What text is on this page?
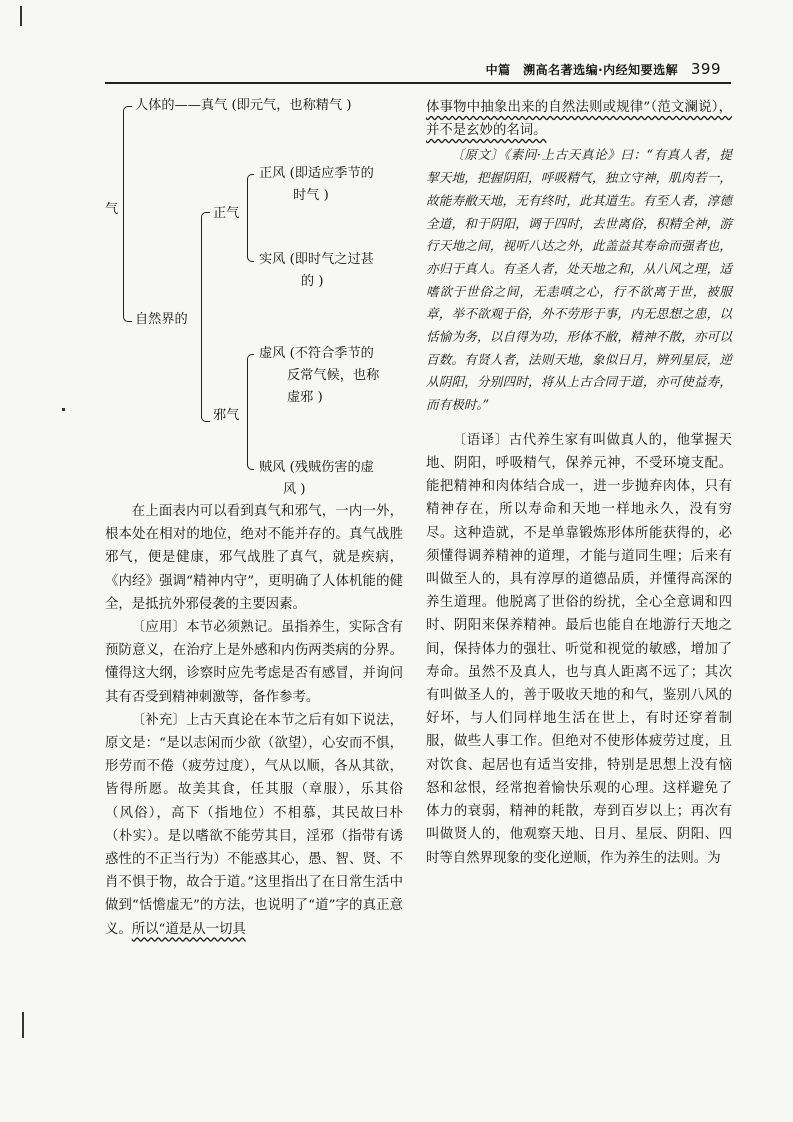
中篇　溯高名著选编·内经知要选解 399
气
人体的——真气 (即元气，也称精气 )
自然界的
正气
正风 (即适应季节的
时气 )
实风 (即时气之过甚
的 )
邪气
虚风 (不符合季节的
反常气候，也称
虚邪 )
贼风 (残贼伤害的虚
风 )

在上面表内可以看到真气和邪气，一内一外，根本处在相对的地位，绝对不能并存的。真气战胜邪气，便是健康，邪气战胜了真气，就是疾病，《内经》强调“精神内守”，更明确了人体机能的健全，是抵抗外邪侵袭的主要因素。

〔应用〕本节必须熟记。虽指养生，实际含有预防意义，在治疗上是外感和内伤两类病的分界。懂得这大纲，诊察时应先考虑是否有感冒，并询问其有否受到精神刺激等，备作参考。

〔补充〕上古天真论在本节之后有如下说法，原文是：“是以志闲而少欲（欲望），心安而不惧，形劳而不倦（疲劳过度），气从以顺，各从其欲，皆得所愿。故美其食，任其服（章服），乐其俗（风俗），高下（指地位）不相慕，其民故曰朴（朴实）。是以嗜欲不能劳其目，淫邪（指带有诱惑性的不正当行为）不能惑其心，愚、智、贤、不肖不惧于物，故合于道。”这里指出了在日常生活中做到“恬憺虚无”的方法，也说明了“道”字的真正意义。所以“道是从一切具

体事物中抽象出来的自然法则或规律”（范文澜说），并不是玄妙的名词。

〔原文〕《素问·上古天真论》曰：“有真人者，提挈天地，把握阴阳，呼吸精气，独立守神，肌肉若一，故能寿敝天地，无有终时，此其道生。有至人者，淳德全道，和于阴阳，调于四时，去世离俗，积精全神，游行天地之间，视听八达之外，此盖益其寿命而强者也，亦归于真人。有圣人者，处天地之和，从八风之理，适嗜欲于世俗之间，无恚嗔之心，行不欲离于世，被服章，举不欲观于俗，外不劳形于事，内无思想之患，以恬愉为务，以自得为功，形体不敝，精神不散，亦可以百数。有贤人者，法则天地，象似日月，辨列星辰，逆从阴阳，分别四时，将从上古合同于道，亦可使益寿，而有极时。”

〔语译〕古代养生家有叫做真人的，他掌握天地、阴阳，呼吸精气，保养元神，不受环境支配。能把精神和肉体结合成一，进一步抛弃肉体，只有精神存在，所以寿命和天地一样地永久，没有穷尽。这种造就，不是单靠锻炼形体所能获得的，必须懂得调养精神的道理，才能与道同生哩；后来有叫做至人的，具有淳厚的道德品质，并懂得高深的养生道理。他脱离了世俗的纷扰，全心全意调和四时、阴阳来保养精神。最后也能自在地游行天地之间，保持体力的强壮、听觉和视觉的敏感，增加了寿命。虽然不及真人，也与真人距离不远了；其次有叫做圣人的，善于吸收天地的和气，鉴别八风的好坏，与人们同样地生活在世上，有时还穿着制服，做些人事工作。但绝对不使形体疲劳过度，且对饮食、起居也有适当安排，特别是思想上没有恼怒和忿恨，经常抱着愉快乐观的心理。这样避免了体力的衰弱，精神的耗散，寿到百岁以上；再次有叫做贤人的，他观察天地、日月、星辰、阴阳、四时等自然界现象的变化逆顺，作为养生的法则。为
